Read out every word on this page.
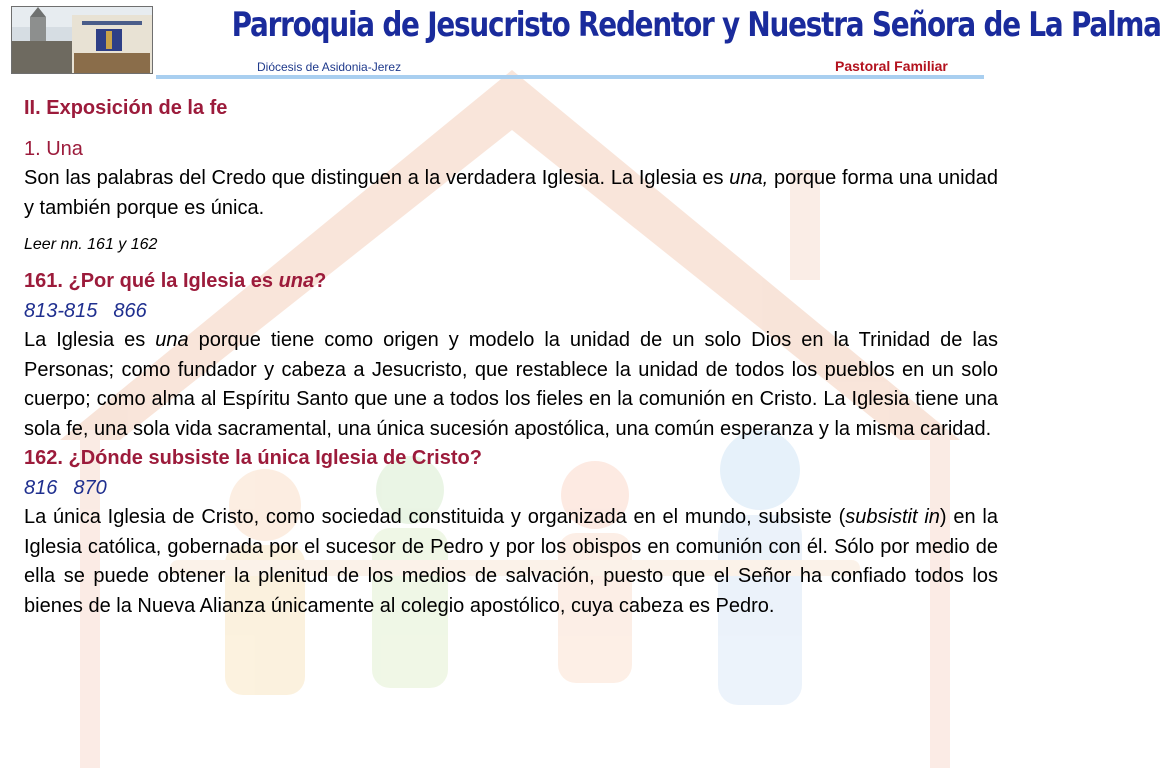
Parroquia de Jesucristo Redentor y Nuestra Señora de La Palma
Diócesis de Asidonia-Jerez	Pastoral Familiar

II. Exposición de la fe

1. Una

Son las palabras del Credo que distinguen a la verdadera Iglesia. La Iglesia es una, porque forma una unidad y también porque es única.

Leer nn. 161 y 162

161. ¿Por qué la Iglesia es una?

813-815 866

La Iglesia es una porque tiene como origen y modelo la unidad de un solo Dios en la Trinidad de las Personas; como fundador y cabeza a Jesucristo, que restablece la unidad de todos los pueblos en un solo cuerpo; como alma al Espíritu Santo que une a todos los fieles en la comunión en Cristo. La Iglesia tiene una sola fe, una sola vida sacramental, una única sucesión apostólica, una común esperanza y la misma caridad.

162. ¿Dónde subsiste la única Iglesia de Cristo?

816 870

La única Iglesia de Cristo, como sociedad constituida y organizada en el mundo, subsiste (subsistit in) en la Iglesia católica, gobernada por el sucesor de Pedro y por los obispos en comunión con él. Sólo por medio de ella se puede obtener la plenitud de los medios de salvación, puesto que el Señor ha confiado todos los bienes de la Nueva Alianza únicamente al colegio apostólico, cuya cabeza es Pedro.
